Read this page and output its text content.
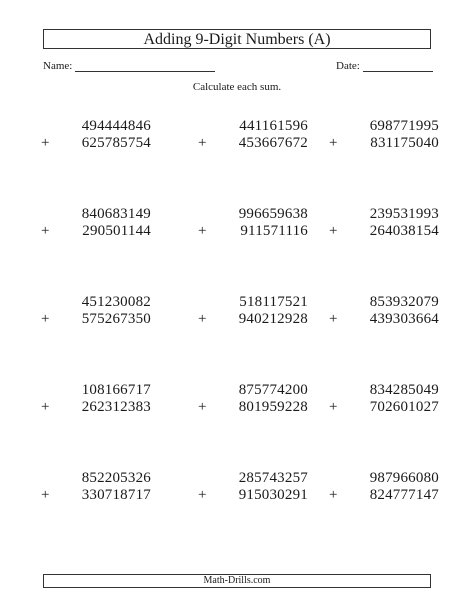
Adding 9-Digit Numbers (A)
Name:	Date:
Calculate each sum.
494444846
+ 625785754
441161596
+ 453667672
698771995
+ 831175040
840683149
+ 290501144
996659638
+ 911571116
239531993
+ 264038154
451230082
+ 575267350
518117521
+ 940212928
853932079
+ 439303664
108166717
+ 262312383
875774200
+ 801959228
834285049
+ 702601027
852205326
+ 330718717
285743257
+ 915030291
987966080
+ 824777147
Math-Drills.com
